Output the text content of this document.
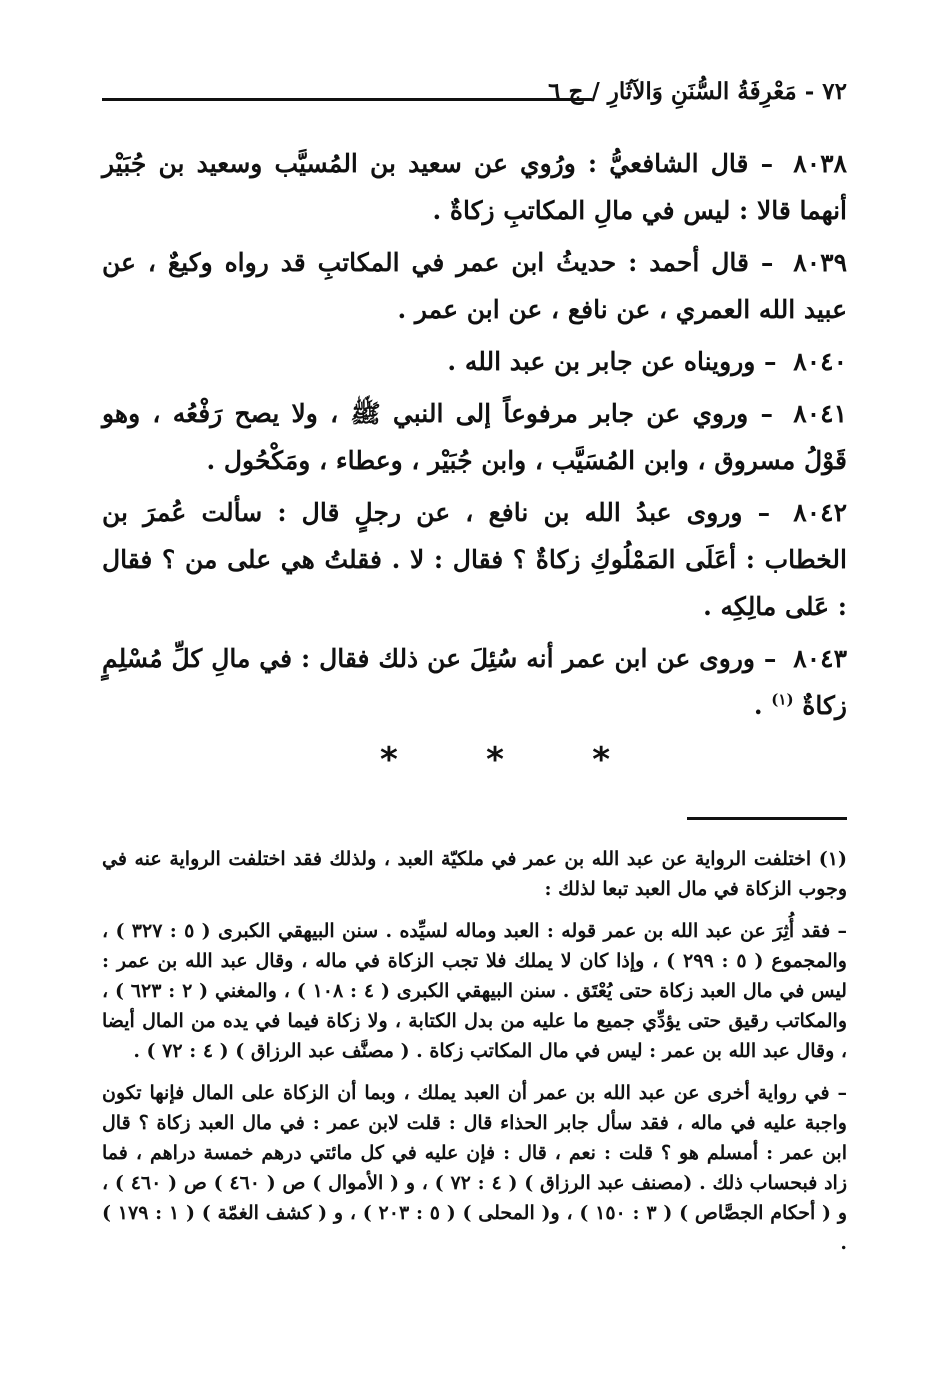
٧٢ - مَعْرِفَةُ السُّنَنِ وَالآثَارِ / ج ٦

٨٠٣٨ – قال الشافعيُّ : ورُوي عن سعيد بن المُسيَّب وسعيد بن جُبَيْر أنهما قالا : ليس في مالِ المكاتبِ زكاةٌ .

٨٠٣٩ – قال أحمد : حديثُ ابن عمر في المكاتبِ قد رواه وكيعٌ ، عن عبيد الله العمري ، عن نافع ، عن ابن عمر .

٨٠٤٠ – ورويناه عن جابر بن عبد الله .

٨٠٤١ – وروي عن جابر مرفوعاً إلى النبي ﷺ ، ولا يصح رَفْعُه ، وهو قَوْلُ مسروق ، وابن المُسَيَّب ، وابن جُبَيْر ، وعطاء ، ومَكْحُول .

٨٠٤٢ – وروى عبدُ الله بن نافع ، عن رجلٍ قال : سألت عُمرَ بن الخطاب : أعَلَى المَمْلُوكِ زكاةٌ ؟ فقال : لا . فقلتُ هي على من ؟ فقال : عَلى مالِكِه .

٨٠٤٣ – وروى عن ابن عمر أنه سُئِلَ عن ذلك فقال : في مالِ كلِّ مُسْلِمٍ زكاةٌ $^{(١)}$ .

*
*
*

(١) اختلفت الرواية عن عبد الله بن عمر في ملكيّة العبد ، ولذلك فقد اختلفت الرواية عنه في وجوب الزكاة في مال العبد تبعا لذلك :

– فقد أُثِرَ عن عبد الله بن عمر قوله : العبد وماله لسيِّده . سنن البيهقي الكبرى ( ٥ : ٣٢٧ ) ، والمجموع ( ٥ : ٢٩٩ ) ، وإذا كان لا يملك فلا تجب الزكاة في ماله ، وقال عبد الله بن عمر : ليس في مال العبد زكاة حتى يُعْتَق . سنن البيهقي الكبرى ( ٤ : ١٠٨ ) ، والمغني ( ٢ : ٦٢٣ ) ، والمكاتب رقيق حتى يؤدِّي جميع ما عليه من بدل الكتابة ، ولا زكاة فيما في يده من المال أيضا ، وقال عبد الله بن عمر : ليس في مال المكاتب زكاة . ( مصنَّف عبد الرزاق ) ( ٤ : ٧٢ ) .

– في رواية أخرى عن عبد الله بن عمر أن العبد يملك ، وبما أن الزكاة على المال فإنها تكون واجبة عليه في ماله ، فقد سأل جابر الحذاء قال : قلت لابن عمر : في مال العبد زكاة ؟ قال ابن عمر : أمسلم هو ؟ قلت : نعم ، قال : فإن عليه في كل مائتي درهم خمسة دراهم ، فما زاد فبحساب ذلك . (مصنف عبد الرزاق ) ( ٤ : ٧٢ ) ، و ( الأموال ) ص ( ٤٦٠ ) ص ( ٤٦٠ ) ، و ( أحكام الجصَّاص ) ( ٣ : ١٥٠ ) ، و( المحلى ) ( ٥ : ٢٠٣ ) ، و ( كشف الغمّة ) ( ١ : ١٧٩ ) .
